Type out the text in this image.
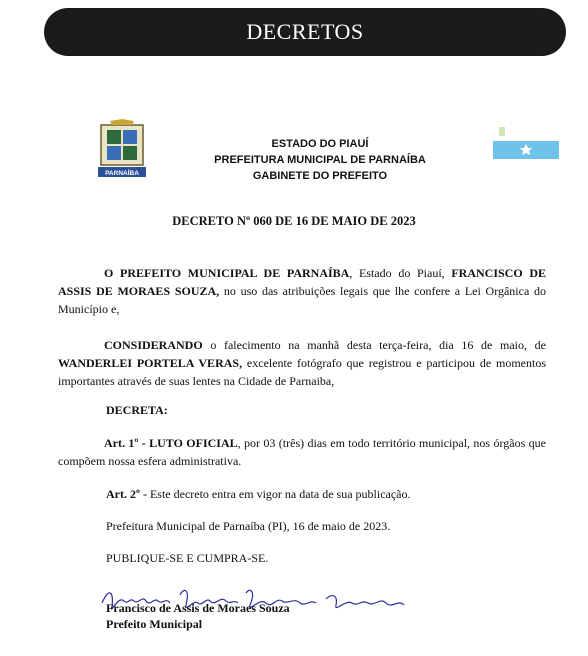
DECRETOS
PARNAÍBA
ESTADO DO PIAUÍ
PREFEITURA MUNICIPAL DE PARNAÍBA
GABINETE DO PREFEITO
DECRETO Nº 060 DE 16 DE MAIO DE 2023
O PREFEITO MUNICIPAL DE PARNAÍBA, Estado do Piauí, FRANCISCO DE ASSIS DE MORAES SOUZA, no uso das atribuições legais que lhe confere a Lei Orgânica do Município e,
CONSIDERANDO o falecimento na manhã desta terça-feira, dia 16 de maio, de WANDERLEI PORTELA VERAS, excelente fotógrafo que registrou e participou de momentos importantes através de suas lentes na Cidade de Parnaiba,
DECRETA:
Art. 1º - LUTO OFICIAL, por 03 (três) dias em todo território municipal, nos órgãos que compõem nossa esfera administrativa.
Art. 2º - Este decreto entra em vigor na data de sua publicação.
Prefeitura Municipal de Parnaíba (PI), 16 de maio de 2023.
PUBLIQUE-SE E CUMPRA-SE.
Francisco de Assis de Moraes Souza
Prefeito Municipal
